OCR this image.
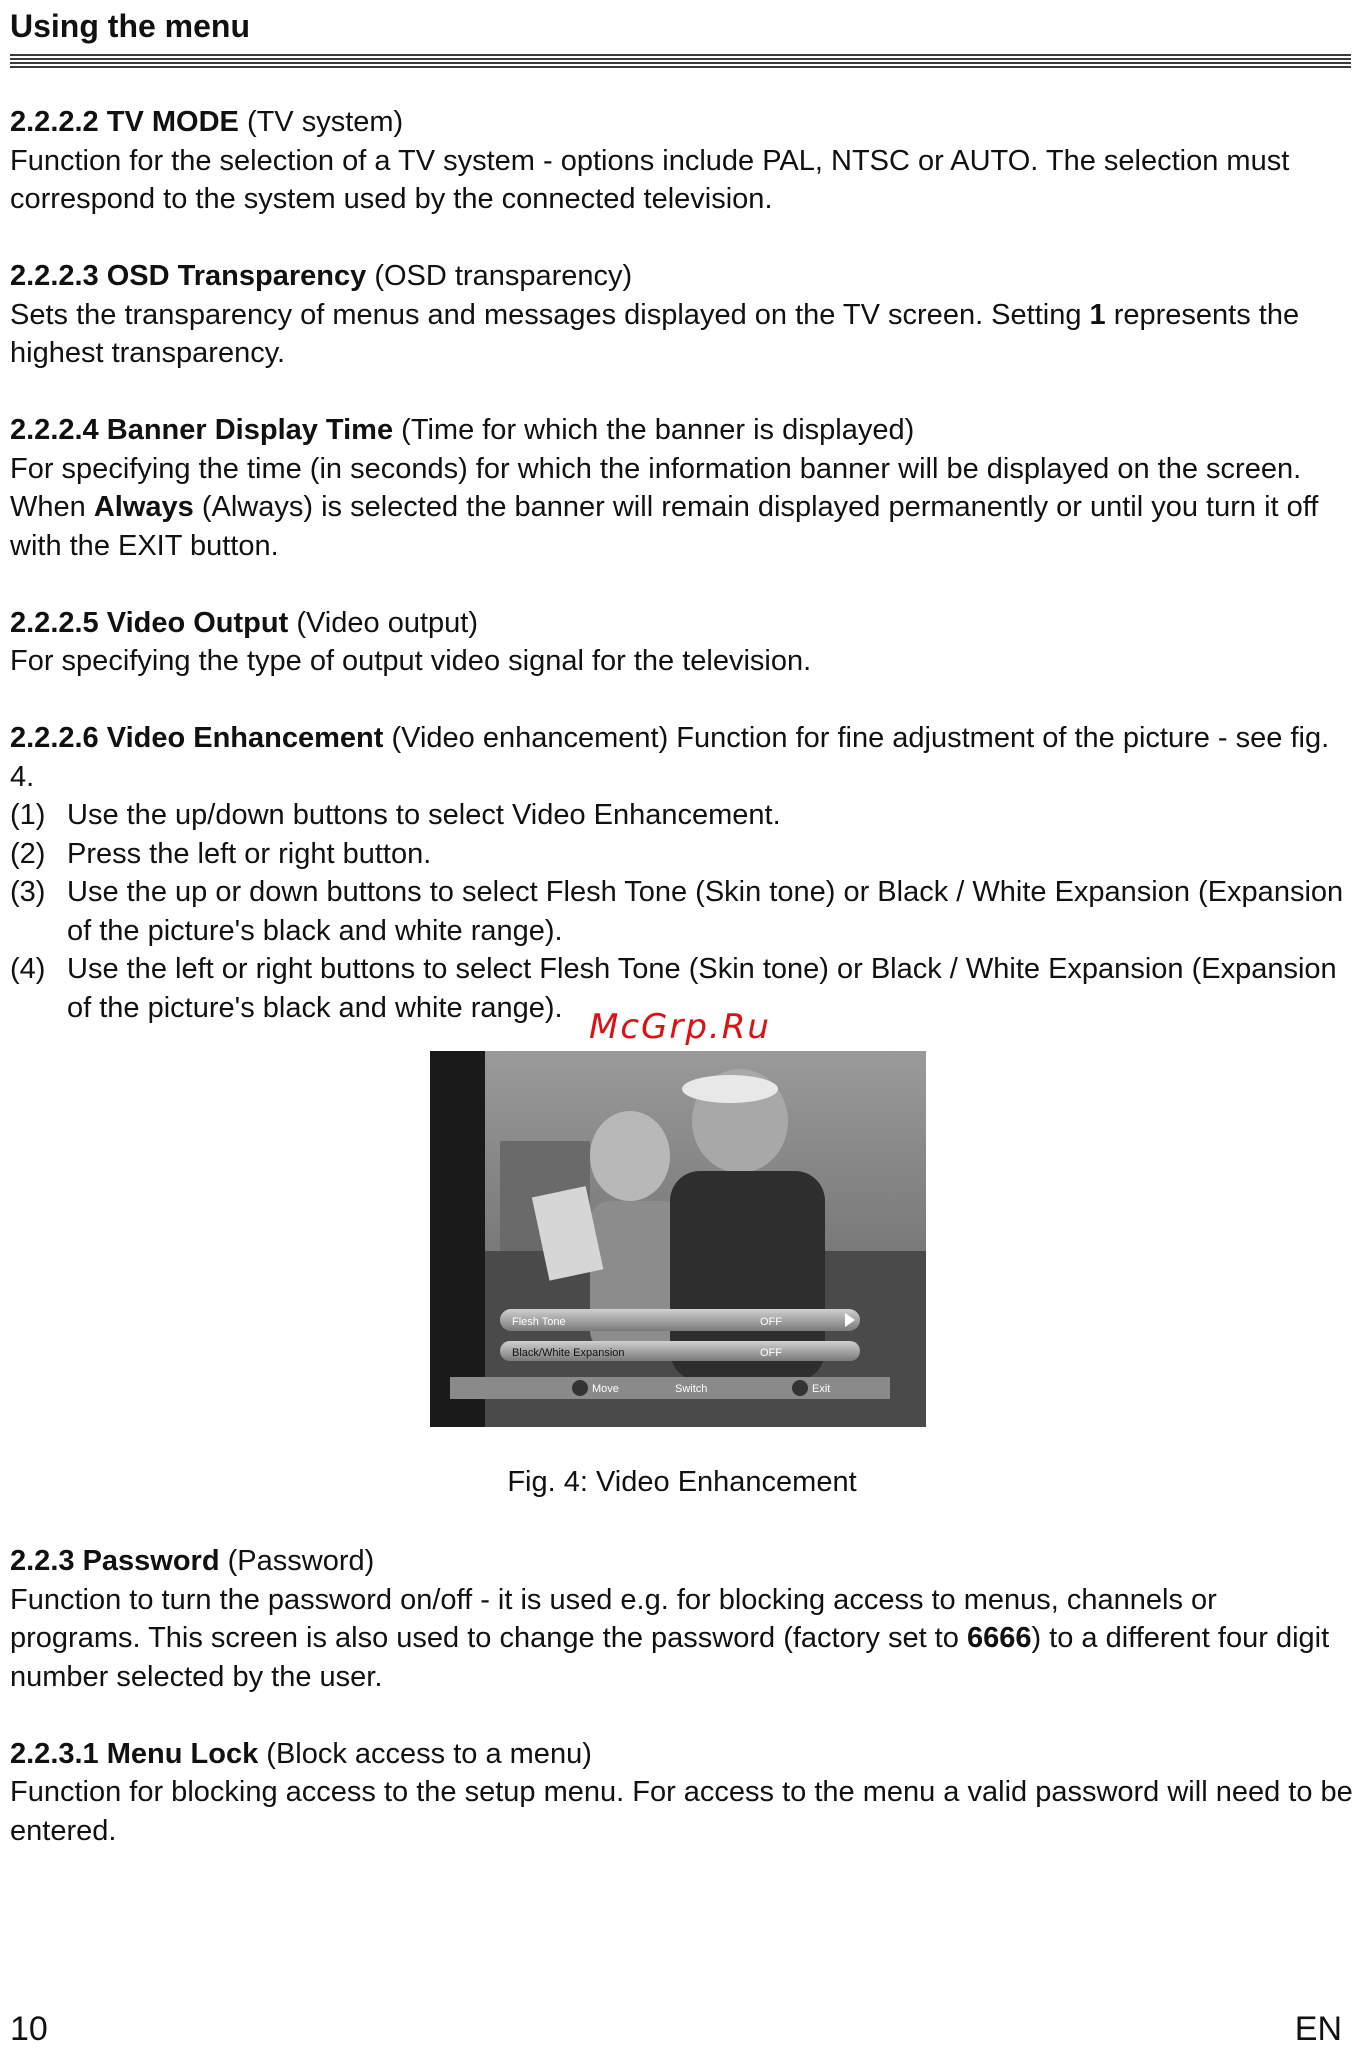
Using the menu
2.2.2.2 TV MODE (TV system)
Function for the selection of a TV system - options include PAL, NTSC or AUTO. The selection must correspond to the system used by the connected television.
2.2.2.3 OSD Transparency (OSD transparency)
Sets the transparency of menus and messages displayed on the TV screen. Setting 1 represents the highest transparency.
2.2.2.4 Banner Display Time (Time for which the banner is displayed)
For specifying the time (in seconds) for which the information banner will be displayed on the screen. When Always (Always) is selected the banner will remain displayed permanently or until you turn it off with the EXIT button.
2.2.2.5 Video Output (Video output)
For specifying the type of output video signal for the television.
2.2.2.6 Video Enhancement (Video enhancement) Function for fine adjustment of the picture - see fig. 4.
(1) Use the up/down buttons to select Video Enhancement.
(2) Press the left or right button.
(3) Use the up or down buttons to select Flesh Tone (Skin tone) or Black / White Expansion (Expansion of the picture's black and white range).
(4) Use the left or right buttons to select Flesh Tone (Skin tone) or Black / White Expansion (Expansion of the picture's black and white range). McGrp.Ru
Flesh Tone	OFF
Black/White Expansion	OFF
Move	Switch	Exit
Fig. 4: Video Enhancement
2.2.3 Password (Password)
Function to turn the password on/off - it is used e.g. for blocking access to menus, channels or programs. This screen is also used to change the password (factory set to 6666) to a different four digit number selected by the user.
2.2.3.1 Menu Lock (Block access to a menu)
Function for blocking access to the setup menu. For access to the menu a valid password will need to be entered.
10	EN
